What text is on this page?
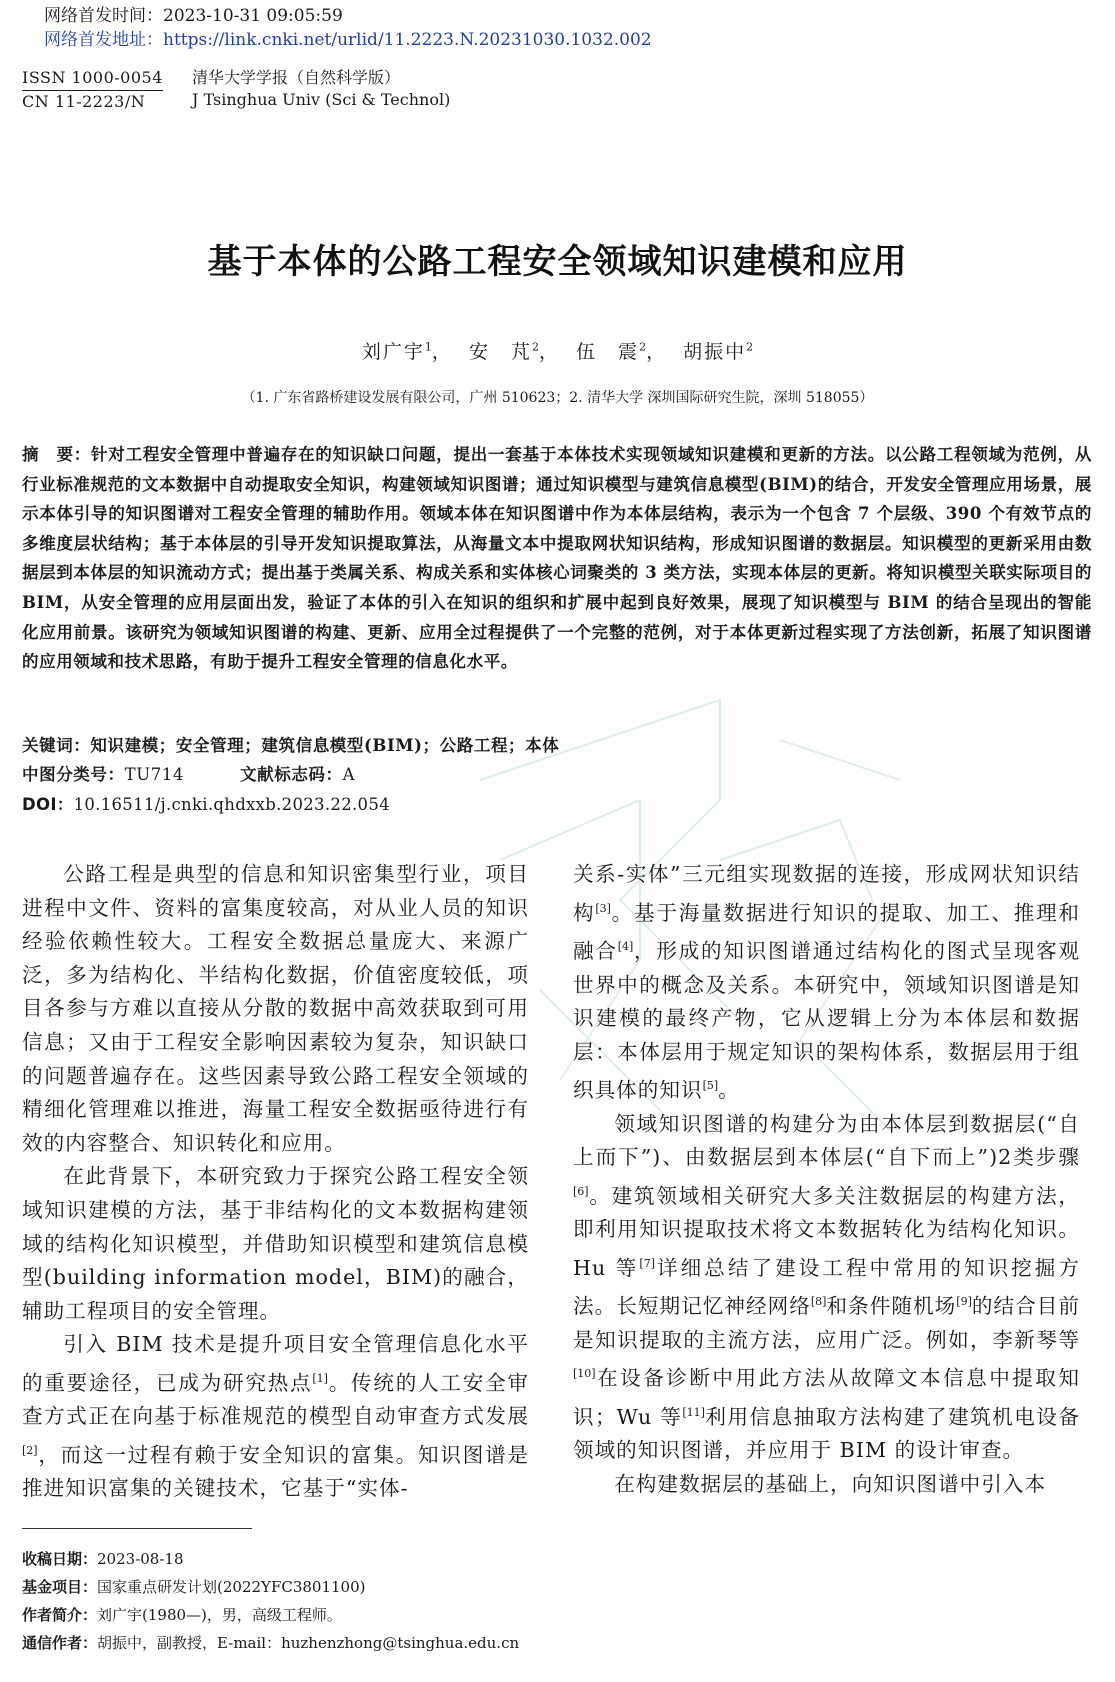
网络首发时间：2023-10-31 09:05:59
网络首发地址：https://link.cnki.net/urlid/11.2223.N.20231030.1032.002
ISSN 1000-0054
CN 11-2223/N
清华大学学报（自然科学版）
J Tsinghua Univ (Sci & Technol)
基于本体的公路工程安全领域知识建模和应用
刘广宇$^1$，  安　芃$^2$，  伍　震$^2$，  胡振中$^2$
（1. 广东省路桥建设发展有限公司，广州 510623；2. 清华大学 深圳国际研究生院，深圳 518055）
摘　要：针对工程安全管理中普遍存在的知识缺口问题，提出一套基于本体技术实现领域知识建模和更新的方法。以公路工程领域为范例，从行业标准规范的文本数据中自动提取安全知识，构建领域知识图谱；通过知识模型与建筑信息模型(BIM)的结合，开发安全管理应用场景，展示本体引导的知识图谱对工程安全管理的辅助作用。领域本体在知识图谱中作为本体层结构，表示为一个包含 7 个层级、390 个有效节点的多维度层状结构；基于本体层的引导开发知识提取算法，从海量文本中提取网状知识结构，形成知识图谱的数据层。知识模型的更新采用由数据层到本体层的知识流动方式；提出基于类属关系、构成关系和实体核心词聚类的 3 类方法，实现本体层的更新。将知识模型关联实际项目的 BIM，从安全管理的应用层面出发，验证了本体的引入在知识的组织和扩展中起到良好效果，展现了知识模型与 BIM 的结合呈现出的智能化应用前景。该研究为领域知识图谱的构建、更新、应用全过程提供了一个完整的范例，对于本体更新过程实现了方法创新，拓展了知识图谱的应用领域和技术思路，有助于提升工程安全管理的信息化水平。
关键词：知识建模；安全管理；建筑信息模型(BIM)；公路工程；本体
中图分类号：TU714	文献标志码：A
DOI：10.16511/j.cnki.qhdxxb.2023.22.054

公路工程是典型的信息和知识密集型行业，项目进程中文件、资料的富集度较高，对从业人员的知识经验依赖性较大。工程安全数据总量庞大、来源广泛，多为结构化、半结构化数据，价值密度较低，项目各参与方难以直接从分散的数据中高效获取到可用信息；又由于工程安全影响因素较为复杂，知识缺口的问题普遍存在。这些因素导致公路工程安全领域的精细化管理难以推进，海量工程安全数据亟待进行有效的内容整合、知识转化和应用。

在此背景下，本研究致力于探究公路工程安全领域知识建模的方法，基于非结构化的文本数据构建领域的结构化知识模型，并借助知识模型和建筑信息模型(building information model，BIM)的融合，辅助工程项目的安全管理。

引入 BIM 技术是提升项目安全管理信息化水平的重要途径，已成为研究热点[1]。传统的人工安全审查方式正在向基于标准规范的模型自动审查方式发展[2]，而这一过程有赖于安全知识的富集。知识图谱是推进知识富集的关键技术，它基于“实体-

关系-实体”三元组实现数据的连接，形成网状知识结构[3]。基于海量数据进行知识的提取、加工、推理和融合[4]，形成的知识图谱通过结构化的图式呈现客观世界中的概念及关系。本研究中，领域知识图谱是知识建模的最终产物，它从逻辑上分为本体层和数据层：本体层用于规定知识的架构体系，数据层用于组织具体的知识[5]。

领域知识图谱的构建分为由本体层到数据层(“自上而下”)、由数据层到本体层(“自下而上”)2类步骤[6]。建筑领域相关研究大多关注数据层的构建方法，即利用知识提取技术将文本数据转化为结构化知识。Hu 等[7]详细总结了建设工程中常用的知识挖掘方法。长短期记忆神经网络[8]和条件随机场[9]的结合目前是知识提取的主流方法，应用广泛。例如，李新琴等[10]在设备诊断中用此方法从故障文本信息中提取知识；Wu 等[11]利用信息抽取方法构建了建筑机电设备领域的知识图谱，并应用于 BIM 的设计审查。

在构建数据层的基础上，向知识图谱中引入本

收稿日期：2023-08-18
基金项目：国家重点研发计划(2022YFC3801100)
作者简介：刘广宇(1980—)，男，高级工程师。
通信作者：胡振中，副教授，E-mail：huzhenzhong@tsinghua.edu.cn
